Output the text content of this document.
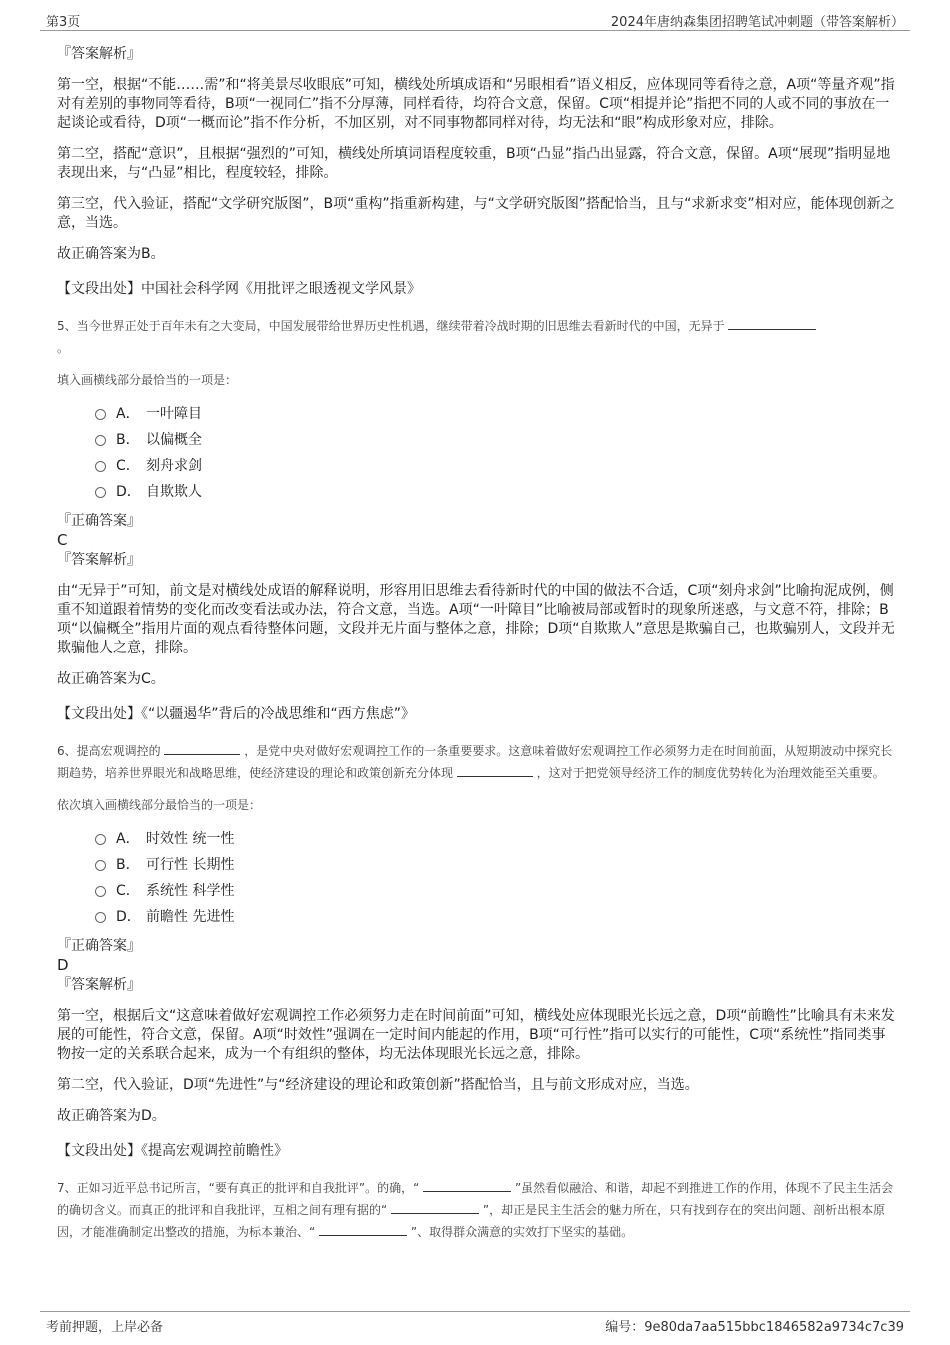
第3页	2024年唐纳森集团招聘笔试冲刺题（带答案解析）

『答案解析』

第一空，根据“不能……需”和“将美景尽收眼底”可知，横线处所填成语和“另眼相看”语义相反，应体现同等看待之意，A项“等量齐观”指对有差别的事物同等看待，B项“一视同仁”指不分厚薄，同样看待，均符合文意，保留。C项“相提并论”指把不同的人或不同的事放在一起谈论或看待，D项“一概而论”指不作分析，不加区别，对不同事物都同样对待，均无法和“眼”构成形象对应，排除。

第二空，搭配“意识”，且根据“强烈的”可知，横线处所填词语程度较重，B项“凸显”指凸出显露，符合文意，保留。A项“展现”指明显地表现出来，与“凸显”相比，程度较轻，排除。

第三空，代入验证，搭配“文学研究版图”，B项“重构”指重新构建，与“文学研究版图”搭配恰当，且与“求新求变”相对应，能体现创新之意，当选。

故正确答案为B。

【文段出处】中国社会科学网《用批评之眼透视文学风景》

5、当今世界正处于百年未有之大变局，中国发展带给世界历史性机遇，继续带着冷战时期的旧思维去看新时代的中国，无异于
。

填入画横线部分最恰当的一项是：

A． 一叶障目
B． 以偏概全
C． 刻舟求剑
D． 自欺欺人

『正确答案』

C

『答案解析』

由“无异于”可知，前文是对横线处成语的解释说明，形容用旧思维去看待新时代的中国的做法不合适，C项“刻舟求剑”比喻拘泥成例，侧重不知道跟着情势的变化而改变看法或办法，符合文意，当选。A项“一叶障目”比喻被局部或暂时的现象所迷惑，与文意不符，排除；B项“以偏概全”指用片面的观点看待整体问题，文段并无片面与整体之意，排除；D项“自欺欺人”意思是欺骗自己，也欺骗别人，文段并无欺骗他人之意，排除。

故正确答案为C。

【文段出处】《“以疆遏华”背后的冷战思维和“西方焦虑”》

6、提高宏观调控的	，是党中央对做好宏观调控工作的一条重要要求。这意味着做好宏观调控工作必须努力走在时间前面，从短期波动中探究长期趋势，培养世界眼光和战略思维，使经济建设的理论和政策创新充分体现	，这对于把党领导经济工作的制度优势转化为治理效能至关重要。

依次填入画横线部分最恰当的一项是：

A． 时效性 统一性
B． 可行性 长期性
C． 系统性 科学性
D． 前瞻性 先进性

『正确答案』

D

『答案解析』

第一空，根据后文“这意味着做好宏观调控工作必须努力走在时间前面”可知，横线处应体现眼光长远之意，D项“前瞻性”比喻具有未来发展的可能性，符合文意，保留。A项“时效性”强调在一定时间内能起的作用，B项“可行性”指可以实行的可能性，C项“系统性”指同类事物按一定的关系联合起来，成为一个有组织的整体，均无法体现眼光长远之意，排除。

第二空，代入验证，D项“先进性”与“经济建设的理论和政策创新”搭配恰当，且与前文形成对应，当选。

故正确答案为D。

【文段出处】《提高宏观调控前瞻性》

7、正如习近平总书记所言，“要有真正的批评和自我批评”。的确，“	”虽然看似融洽、和谐，却起不到推进工作的作用，体现不了民主生活会的确切含义。而真正的批评和自我批评，互相之间有理有据的“	”，却正是民主生活会的魅力所在，只有找到存在的突出问题、剖析出根本原因，才能准确制定出整改的措施，为标本兼治、“	”、取得群众满意的实效打下坚实的基础。

考前押题，上岸必备	编号：9e80da7aa515bbc1846582a9734c7c39
